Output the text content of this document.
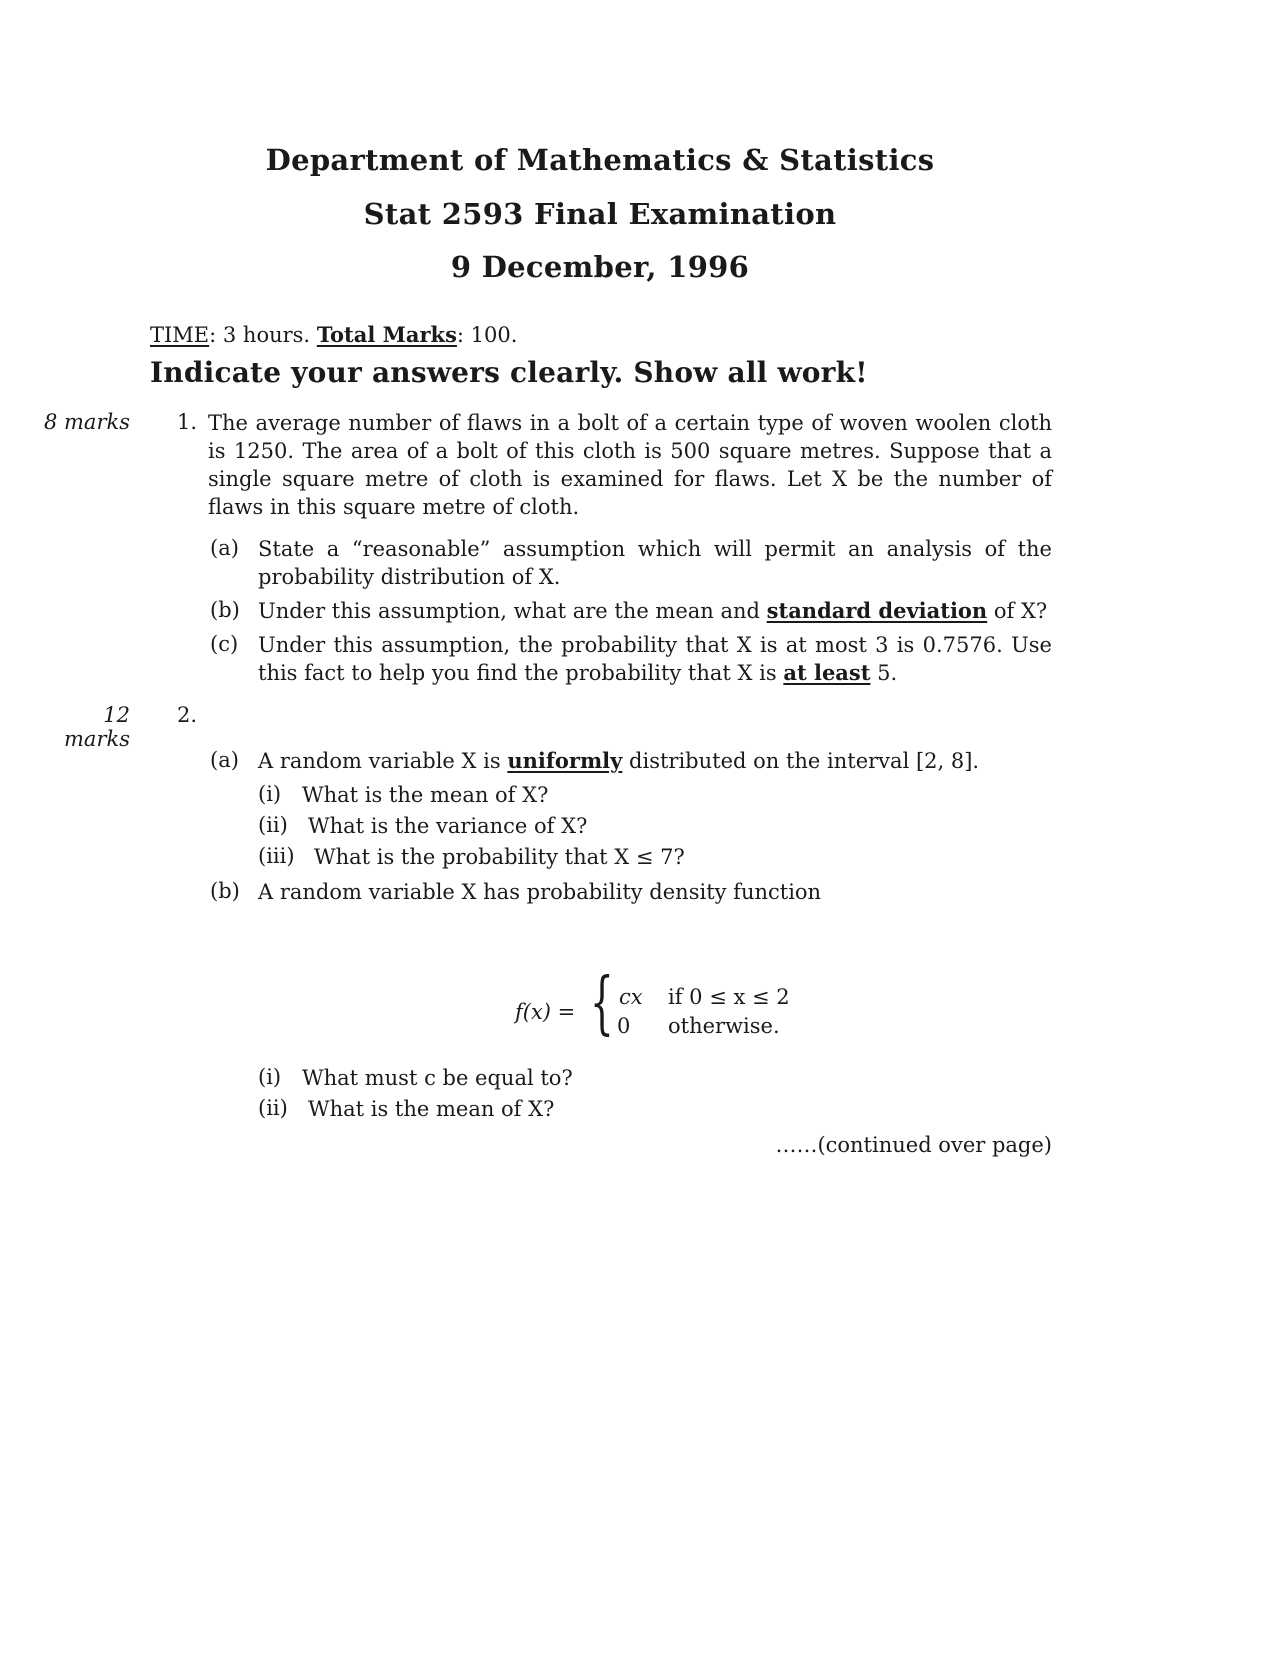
Department of Mathematics & Statistics
Stat 2593 Final Examination
9 December, 1996
TIME: 3 hours. Total Marks: 100.
Indicate your answers clearly. Show all work!
8 marks 1. The average number of flaws in a bolt of a certain type of woven woolen cloth is 1250. The area of a bolt of this cloth is 500 square metres. Suppose that a single square metre of cloth is examined for flaws. Let X be the number of flaws in this square metre of cloth.
(a) State a “reasonable” assumption which will permit an analysis of the probability distribution of X.
(b) Under this assumption, what are the mean and standard deviation of X?
(c) Under this assumption, the probability that X is at most 3 is 0.7576. Use this fact to help you find the probability that X is at least 5.
12 marks
2.
(a) A random variable X is uniformly distributed on the interval [2, 8].
(i) What is the mean of X?
(ii) What is the variance of X?
(iii) What is the probability that X ≤ 7?
(b) A random variable X has probability density function
f(x) = { cx if 0 ≤ x ≤ 2
0 otherwise.
(i) What must c be equal to?
(ii) What is the mean of X?
……(continued over page)
